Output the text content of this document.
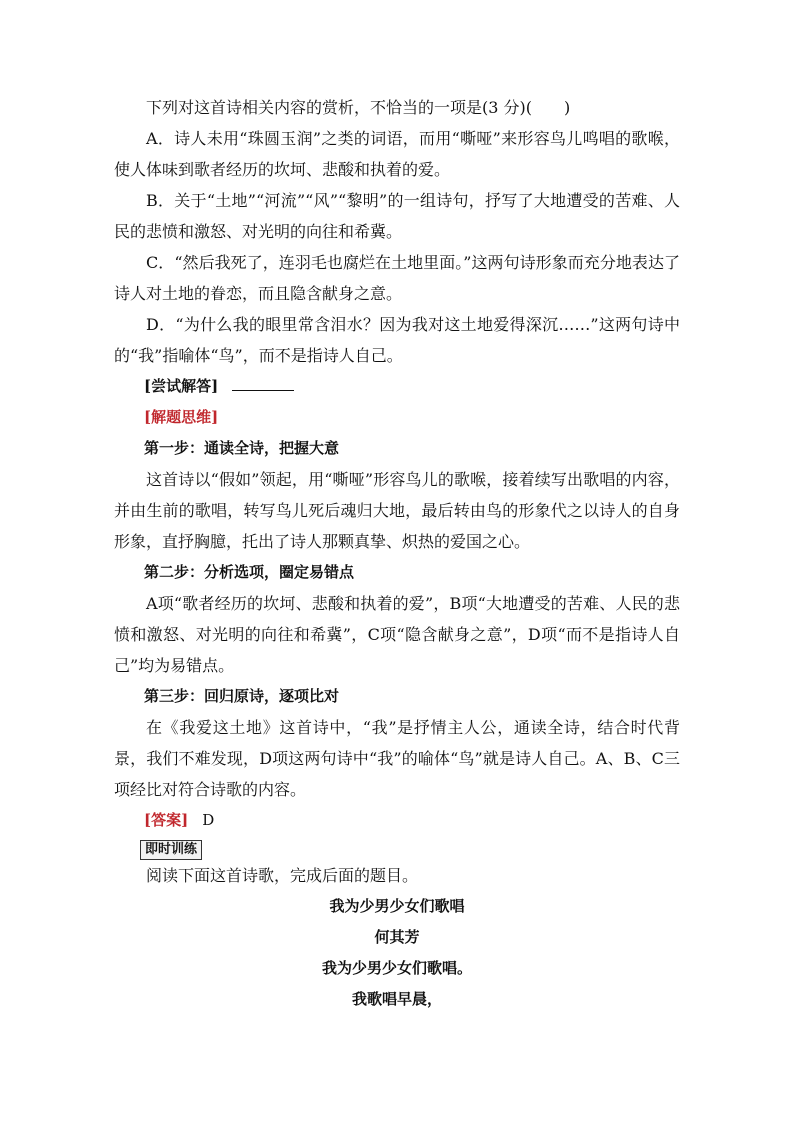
下列对这首诗相关内容的赏析，不恰当的一项是(3 分)(　　)

A．诗人未用“珠圆玉润”之类的词语，而用“嘶哑”来形容鸟儿鸣唱的歌喉，使人体味到歌者经历的坎坷、悲酸和执着的爱。

B．关于“土地”“河流”“风”“黎明”的一组诗句，抒写了大地遭受的苦难、人民的悲愤和激怒、对光明的向往和希冀。

C．“然后我死了，连羽毛也腐烂在土地里面。”这两句诗形象而充分地表达了诗人对土地的眷恋，而且隐含献身之意。

D．“为什么我的眼里常含泪水？因为我对这土地爱得深沉……”这两句诗中的“我”指喻体“鸟”，而不是指诗人自己。

[尝试解答]
[解题思维]

第一步：通读全诗，把握大意

这首诗以“假如”领起，用“嘶哑”形容鸟儿的歌喉，接着续写出歌唱的内容，并由生前的歌唱，转写鸟儿死后魂归大地，最后转由鸟的形象代之以诗人的自身形象，直抒胸臆，托出了诗人那颗真挚、炽热的爱国之心。

第二步：分析选项，圈定易错点

A项“歌者经历的坎坷、悲酸和执着的爱”，B项“大地遭受的苦难、人民的悲愤和激怒、对光明的向往和希冀”，C项“隐含献身之意”，D项“而不是指诗人自己”均为易错点。

第三步：回归原诗，逐项比对

在《我爱这土地》这首诗中，“我”是抒情主人公，通读全诗，结合时代背景，我们不难发现，D项这两句诗中“我”的喻体“鸟”就是诗人自己。A、B、C三项经比对符合诗歌的内容。

[答案] D
即时训练

阅读下面这首诗歌，完成后面的题目。

我为少男少女们歌唱

何其芳

我为少男少女们歌唱。

我歌唱早晨，
